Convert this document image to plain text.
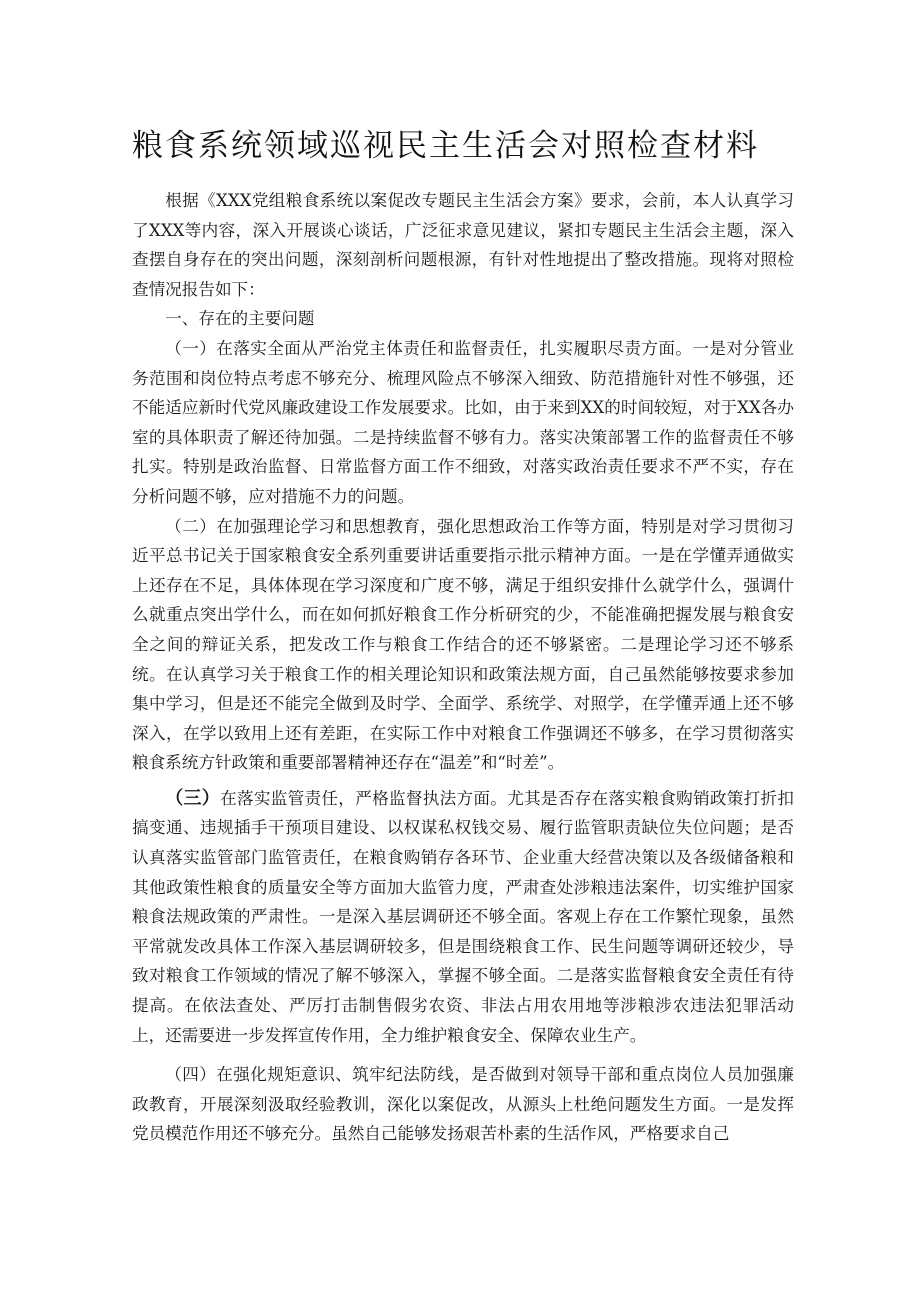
粮食系统领域巡视民主生活会对照检查材料

根据《XXX党组粮食系统以案促改专题民主生活会方案》要求，会前，本人认真学习了XXX等内容，深入开展谈心谈话，广泛征求意见建议，紧扣专题民主生活会主题，深入查摆自身存在的突出问题，深刻剖析问题根源，有针对性地提出了整改措施。现将对照检查情况报告如下：

一、存在的主要问题

（一）在落实全面从严治党主体责任和监督责任，扎实履职尽责方面。一是对分管业务范围和岗位特点考虑不够充分、梳理风险点不够深入细致、防范措施针对性不够强，还不能适应新时代党风廉政建设工作发展要求。比如，由于来到XX的时间较短，对于XX各办室的具体职责了解还待加强。二是持续监督不够有力。落实决策部署工作的监督责任不够扎实。特别是政治监督、日常监督方面工作不细致，对落实政治责任要求不严不实，存在分析问题不够，应对措施不力的问题。

（二）在加强理论学习和思想教育，强化思想政治工作等方面，特别是对学习贯彻习近平总书记关于国家粮食安全系列重要讲话重要指示批示精神方面。一是在学懂弄通做实上还存在不足，具体体现在学习深度和广度不够，满足于组织安排什么就学什么，强调什么就重点突出学什么，而在如何抓好粮食工作分析研究的少，不能准确把握发展与粮食安全之间的辩证关系，把发改工作与粮食工作结合的还不够紧密。二是理论学习还不够系统。在认真学习关于粮食工作的相关理论知识和政策法规方面，自己虽然能够按要求参加集中学习，但是还不能完全做到及时学、全面学、系统学、对照学，在学懂弄通上还不够深入，在学以致用上还有差距，在实际工作中对粮食工作强调还不够多，在学习贯彻落实粮食系统方针政策和重要部署精神还存在“温差”和“时差”。

（三）在落实监管责任，严格监督执法方面。尤其是否存在落实粮食购销政策打折扣搞变通、违规插手干预项目建设、以权谋私权钱交易、履行监管职责缺位失位问题；是否认真落实监管部门监管责任，在粮食购销存各环节、企业重大经营决策以及各级储备粮和其他政策性粮食的质量安全等方面加大监管力度，严肃查处涉粮违法案件，切实维护国家粮食法规政策的严肃性。一是深入基层调研还不够全面。客观上存在工作繁忙现象，虽然平常就发改具体工作深入基层调研较多，但是围绕粮食工作、民生问题等调研还较少，导致对粮食工作领域的情况了解不够深入，掌握不够全面。二是落实监督粮食安全责任有待提高。在依法查处、严厉打击制售假劣农资、非法占用农用地等涉粮涉农违法犯罪活动上，还需要进一步发挥宣传作用，全力维护粮食安全、保障农业生产。

（四）在强化规矩意识、筑牢纪法防线，是否做到对领导干部和重点岗位人员加强廉政教育，开展深刻汲取经验教训，深化以案促改，从源头上杜绝问题发生方面。一是发挥党员模范作用还不够充分。虽然自己能够发扬艰苦朴素的生活作风，严格要求自己
